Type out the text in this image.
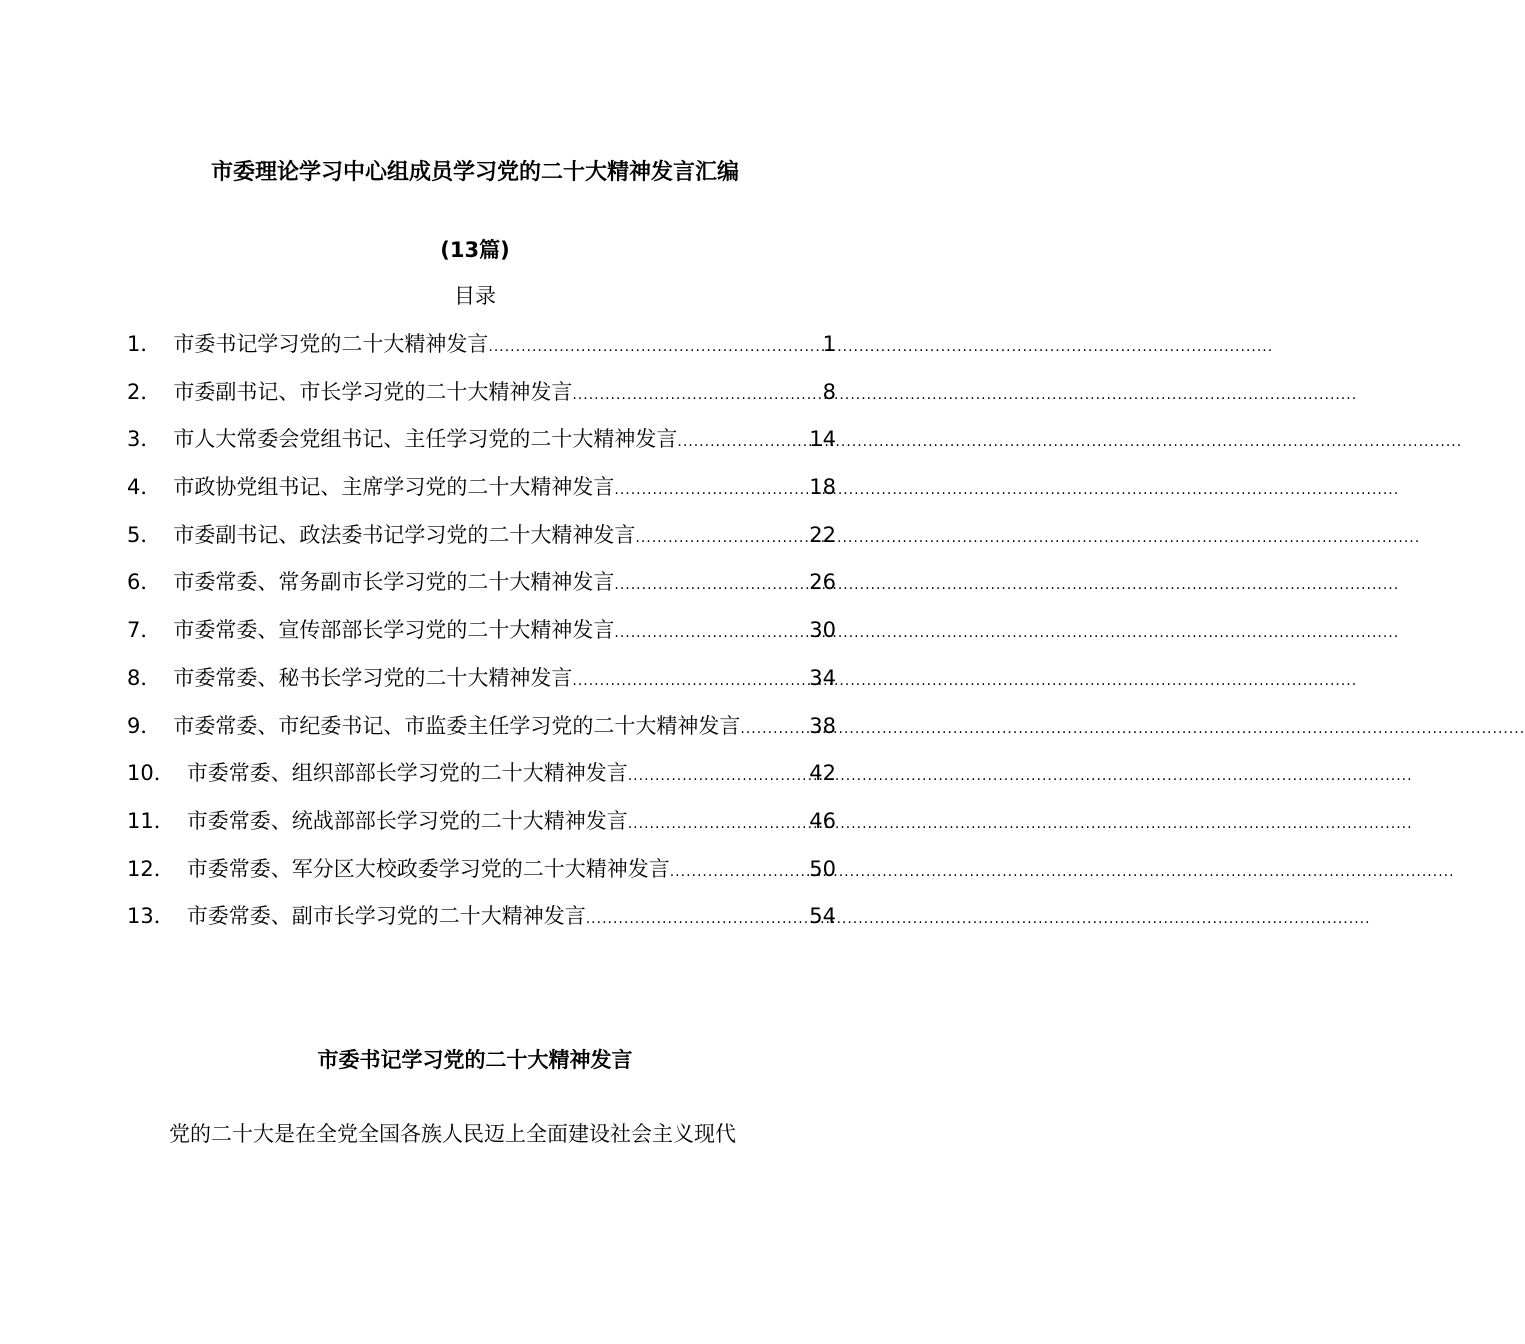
市委理论学习中心组成员学习党的二十大精神发言汇编
(13篇)
目录
1． 市委书记学习党的二十大精神发言 .....	1
2． 市委副书记、市长学习党的二十大精神发言 .....	8
3． 市人大常委会党组书记、主任学习党的二十大精神发言 .....	14
4． 市政协党组书记、主席学习党的二十大精神发言 .....	18
5． 市委副书记、政法委书记学习党的二十大精神发言 .....	22
6． 市委常委、常务副市长学习党的二十大精神发言 .....	26
7． 市委常委、宣传部部长学习党的二十大精神发言 .....	30
8． 市委常委、秘书长学习党的二十大精神发言 .....	34
9． 市委常委、市纪委书记、市监委主任学习党的二十大精神发言 .....	38
10． 市委常委、组织部部长学习党的二十大精神发言 .....	42
11． 市委常委、统战部部长学习党的二十大精神发言 .....	46
12． 市委常委、军分区大校政委学习党的二十大精神发言 .....	50
13． 市委常委、副市长学习党的二十大精神发言 .....	54
市委书记学习党的二十大精神发言

党的二十大是在全党全国各族人民迈上全面建设社会主义现代
